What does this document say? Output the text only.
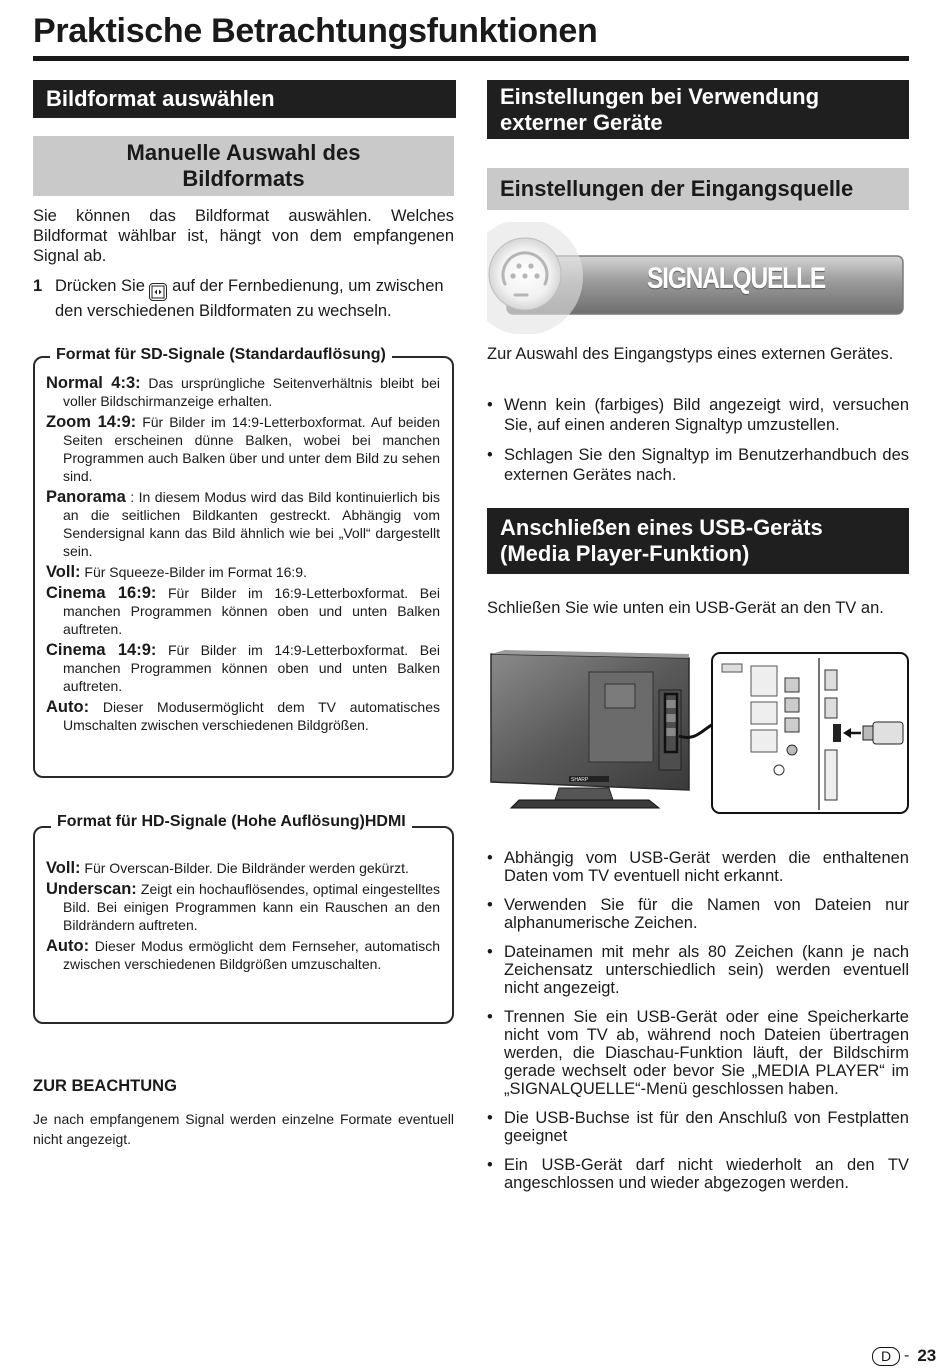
Praktische Betrachtungsfunktionen
Bildformat auswählen
Manuelle Auswahl des Bildformats

Sie können das Bildformat auswählen. Welches Bildformat wählbar ist, hängt von dem empfangenen Signal ab.

1 Drücken Sie auf der Fernbedienung, um zwischen den verschiedenen Bildformaten zu wechseln.
Format für SD-Signale (Standardauflösung)

Normal 4:3: Das ursprüngliche Seitenverhältnis bleibt bei voller Bildschirmanzeige erhalten.

Zoom 14:9: Für Bilder im 14:9-Letterboxformat. Auf beiden Seiten erscheinen dünne Balken, wobei bei manchen Programmen auch Balken über und unter dem Bild zu sehen sind.

Panorama : In diesem Modus wird das Bild kontinuierlich bis an die seitlichen Bildkanten gestreckt. Abhängig vom Sendersignal kann das Bild ähnlich wie bei „Voll“ dargestellt sein.

Voll: Für Squeeze-Bilder im Format 16:9.

Cinema 16:9: Für Bilder im 16:9-Letterboxformat. Bei manchen Programmen können oben und unten Balken auftreten.

Cinema 14:9: Für Bilder im 14:9-Letterboxformat. Bei manchen Programmen können oben und unten Balken auftreten.

Auto: Dieser Modusermöglicht dem TV automatisches Umschalten zwischen verschiedenen Bildgrößen.

Format für HD-Signale (Hohe Auflösung)HDMI

Voll: Für Overscan-Bilder. Die Bildränder werden gekürzt.

Underscan: Zeigt ein hochauflösendes, optimal eingestelltes Bild. Bei einigen Programmen kann ein Rauschen an den Bildrändern auftreten.

Auto: Dieser Modus ermöglicht dem Fernseher, automatisch zwischen verschiedenen Bildgrößen umzuschalten.

ZUR BEACHTUNG

Je nach empfangenem Signal werden einzelne Formate eventuell nicht angezeigt.

Einstellungen bei Verwendung externer Geräte
Einstellungen der Eingangsquelle
SIGNALQUELLE

Zur Auswahl des Eingangstyps eines externen Gerätes.

• Wenn kein (farbiges) Bild angezeigt wird, versuchen Sie, auf einen anderen Signaltyp umzustellen.
• Schlagen Sie den Signaltyp im Benutzerhandbuch des externen Gerätes nach.
Anschließen eines USB-Geräts (Media Player-Funktion)

Schließen Sie wie unten ein USB-Gerät an den TV an.

SHARP
• Abhängig vom USB-Gerät werden die enthaltenen Daten vom TV eventuell nicht erkannt.
• Verwenden Sie für die Namen von Dateien nur alphanumerische Zeichen.
• Dateinamen mit mehr als 80 Zeichen (kann je nach Zeichensatz unterschiedlich sein) werden eventuell nicht angezeigt.
• Trennen Sie ein USB-Gerät oder eine Speicherkarte nicht vom TV ab, während noch Dateien übertragen werden, die Diaschau-Funktion läuft, der Bildschirm gerade wechselt oder bevor Sie „MEDIA PLAYER“ im „SIGNALQUELLE“-Menü geschlossen haben.
• Die USB-Buchse ist für den Anschluß von Festplatten geeignet
• Ein USB-Gerät darf nicht wiederholt an den TV angeschlossen und wieder abgezogen werden.
D - 23
